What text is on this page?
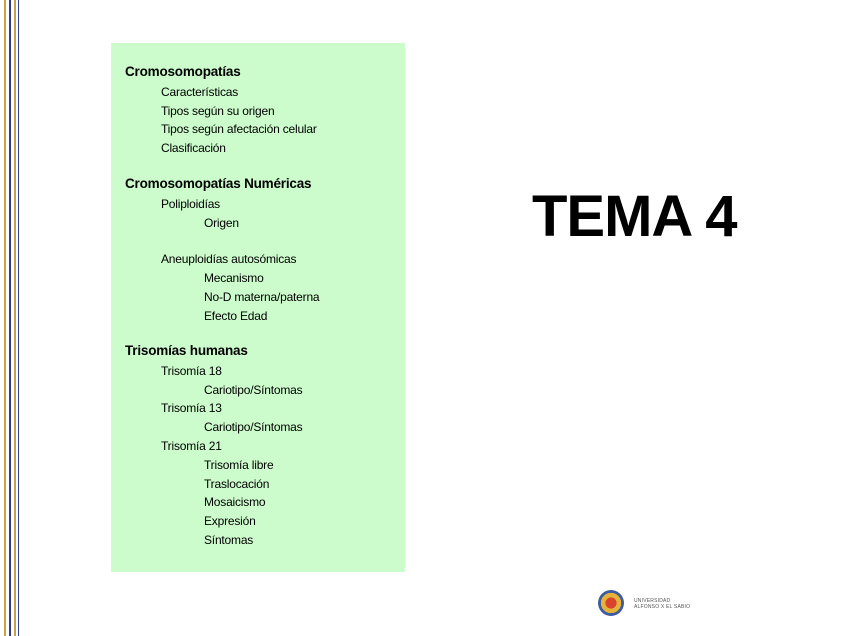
Cromosomopatías
Características
Tipos según su origen
Tipos según afectación celular
Clasificación
Cromosomopatías Numéricas
Poliploidías
Origen
Aneuploidías autosómicas
Mecanismo
No-D materna/paterna
Efecto Edad
Trisomías humanas
Trisomía 18
Cariotipo/Síntomas
Trisomía 13
Cariotipo/Síntomas
Trisomía 21
Trisomía libre
Traslocación
Mosaicismo
Expresión
Síntomas
TEMA 4
UNIVERSIDAD
ALFONSO X EL SABIO
